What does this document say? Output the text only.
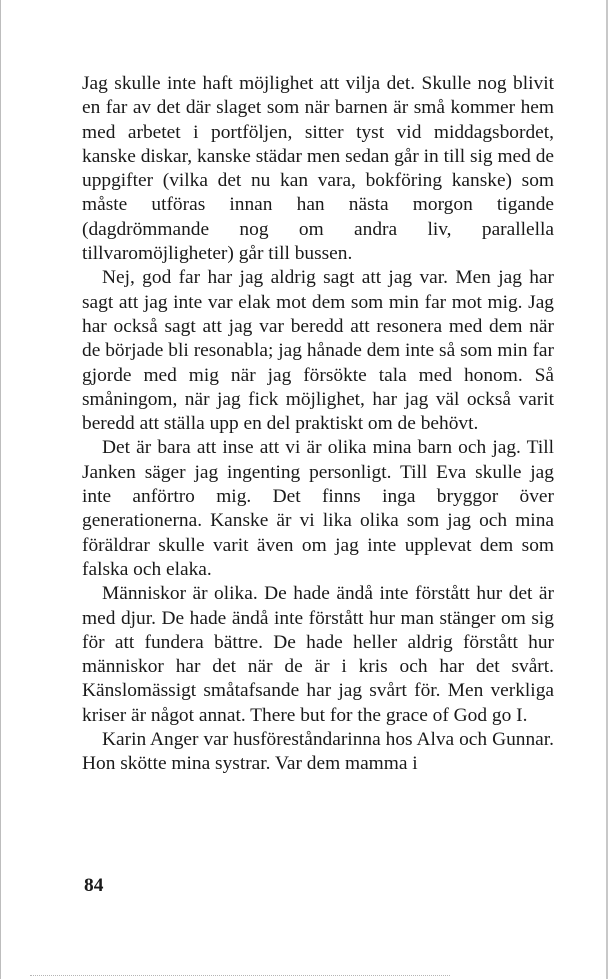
Jag skulle inte haft möjlighet att vilja det. Skulle nog blivit en far av det där slaget som när barnen är små kommer hem med arbetet i portföljen, sitter tyst vid middagsbordet, kanske diskar, kanske städar men sedan går in till sig med de uppgifter (vilka det nu kan vara, bokföring kanske) som måste utföras innan han nästa morgon tigande (dagdrömmande nog om andra liv, parallella tillvaromöjligheter) går till bussen.

Nej, god far har jag aldrig sagt att jag var. Men jag har sagt att jag inte var elak mot dem som min far mot mig. Jag har också sagt att jag var beredd att resonera med dem när de började bli resonabla; jag hånade dem inte så som min far gjorde med mig när jag försökte tala med honom. Så småningom, när jag fick möjlighet, har jag väl också varit beredd att ställa upp en del praktiskt om de behövt.

Det är bara att inse att vi är olika mina barn och jag. Till Janken säger jag ingenting personligt. Till Eva skulle jag inte anförtro mig. Det finns inga bryggor över generationerna. Kanske är vi lika olika som jag och mina föräldrar skulle varit även om jag inte upplevat dem som falska och elaka.

Människor är olika. De hade ändå inte förstått hur det är med djur. De hade ändå inte förstått hur man stänger om sig för att fundera bättre. De hade heller aldrig förstått hur människor har det när de är i kris och har det svårt. Känslomässigt småtafsande har jag svårt för. Men verkliga kriser är något annat. There but for the grace of God go I.

Karin Anger var husföreståndarinna hos Alva och Gunnar. Hon skötte mina systrar. Var dem mamma i

84
